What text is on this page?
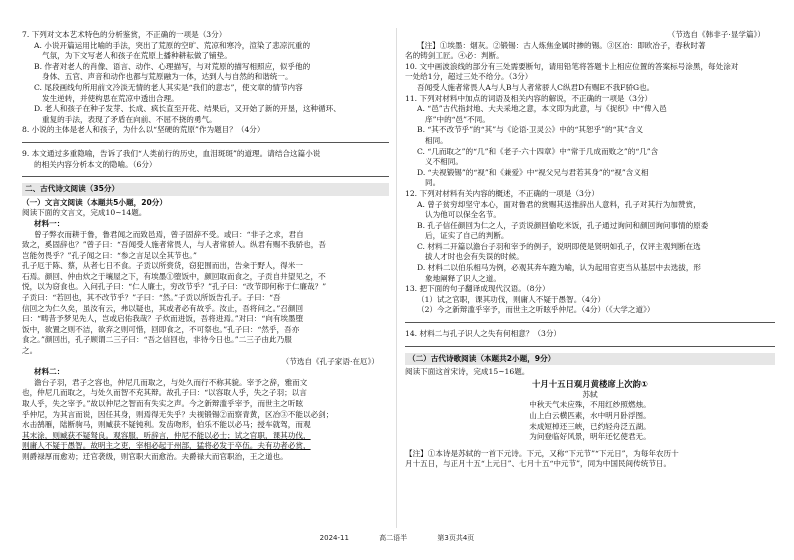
7. 下列对文本艺术特色的分析鉴赏，不正确的一项是（3分）
A. 小说开篇运用比喻的手法，突出了荒原的空旷、荒凉和寒冷，渲染了悲凉沉重的
气氛，为下文写老人和孩子在荒原上播种耕耘做了铺垫。
B. 作者对老人的肖像、语言、动作、心理描写，与对荒原的描写相照应，似乎他的
身体、五官、声音和动作也都与荒原融为一体，达到人与自然的和谐统一。
C. 尾段画线句所用前文冷淡无情的老人其实是“我们的意志”，使文章的情节内容
发生逆转，并使构思在荒凉中透出合理。
D. 老人和孩子在种子发芽、长成、疯长直至开花、结果后，又开始了新的开垦，这种循环、
重复的手法，表现了矛盾在向前、不屈不挠的勇气。
8. 小说的主体是老人和孩子，为什么以“坚硬的荒原”作为题目？（4分）
9. 本文通过多重隐喻，告诉了我们“人类前行的历史，血泪斑斑”的道理。请结合这篇小说
的相关内容分析本文的隐喻。（6分）
二、古代诗文阅读（35分）
（一）文言文阅读（本题共5小题，20分）
阅读下面的文言文，完成10~14题。
材料一：
曾子弊衣而耕于鲁，鲁君闻之而致邑焉，曾子固辞不受。或曰：“非子之求，君自
致之，奚固辞也？”曾子曰：“吾闻受人施者常畏人，与人者常骄人。纵君有赐不我骄也，吾
岂能勿畏乎？”孔子闻之曰：“参之言足以全其节也。”
孔子厄于陈、蔡，从者七日不食。子贡以所赍货，窃犯围而出，告籴于野人，得米一
石焉。颜回、仲由炊之于壤屋之下，有埃墨①堕饭中，颜回取而食之，子贡自井望见之，不
悦，以为窃食也。入问孔子曰：“仁人廉士，穷改节乎？”孔子曰：“改节即何称于仁廉哉？”
子贡曰：“若回也，其不改节乎？”子曰：“然。”子贡以所饭告孔子。子曰：“吾
信回之为仁久矣，虽汝有云，弗以疑也，其或者必有故乎。汝止，吾将问之。”召颜回
曰：“畴昔予梦见先人，岂或启佑我哉？子炊而进饭，吾将进焉。”对曰：“向有埃墨堕
饭中，欲置之则不洁，欲弃之则可惜，回即食之，不可祭也。”孔子曰：“然乎，吾亦
食之。”颜回出，孔子顾谓二三子曰：“吾之信回也，非待今日也。”二三子由此乃服
之。
（节选自《孔子家语·在厄》）
材料二：
澹台子羽，君子之容也，仲尼几而取之，与处久而行不称其貌。宰予之辞，雅而文
也，仲尼几而取之，与处久而智不充其辩。故孔子曰：“以容取人乎，失之子羽；以言
取人乎，失之宰予。”故以仲尼之智而有失实之声。今之新辩滥乎宰予，而世主之听眩
乎仲尼，为其言而说，因任其身，则焉得无失乎？夫视锻锡②而察青黄，区冶③不能以必剑；
水击鹄雁，陆断驹马，则臧获不疑钝利。发齿吻形，伯乐不能以必马；授车就驾，而观
其末涂，则臧获不疑驽良。观容服，听辞言，仲尼不能以必士；试之官职，课其功伐，
则庸人不疑于愚智。故明主之吏，宰相必起于州部，猛将必发于卒伍。夫有功者必赏，
则爵禄厚而愈劝；迁官袭级，则官职大而愈治。夫爵禄大而官职治，王之道也。
（节选自《韩非子·显学篇》）
【注】①埃墨：烟灰。②锻锡：古人炼焦金属时掺的锡。③区冶：即欧冶子，春秋时著
名的铸剑工匠。④必：判断。
10. 文中画波浪线的部分有三处需要断句，请用铅笔将答题卡上相应位置的答案标号涂黑，每处涂对
一处给1分，超过三处不给分。（3分）
吾闻受人施者常畏人A与人B与人者常骄人C纵君D有赐E不我F骄G也。
11. 下列对材料中加点的词语及相关内容的解说，不正确的一项是（3分）
A. “邑”古代指封地、大夫采地之意，本文即为此意，与《捉织》中“俾入邑
庠”中的“邑”不同。
B. “其不改节乎”的“其”与《论语·卫灵公》中的“其恕乎”的“其”含义
相同。
C. “几而取之”的“几”和《老子·六十四章》中“常于几成而败之”的“几”含
义不相同。
D. “夫视锻锡”的“视”和《兼爱》中“视父兄与君若其身”的“视”含义相
同。
12. 下列对材料有关内容的概述，不正确的一项是（3分）
A. 曾子贫穷却坚守本心，面对鲁君的赏赐其送推辞出人意料，孔子对其行为加赞赏，
认为他可以保全名节。
B. 孔子信任颜回为仁之人，子贡说颜回偷吃米饭，孔子通过询问和颜回询问事情的原委
后，证实了自己的判断。
C. 材料二开篇以澹台子羽和宰予的例子，说明即使是贤明如孔子，仅评主观判断在选
拔人才时也会有失误的时候。
D. 材料二以伯乐相马为例，必观其奔车跑为喻，认为起用官吏当从基层中去选拔，形
象地阐释了识人之道。
13. 把下面的句子翻译成现代汉语。（8分）
（1）试之官职，课其功伐，则庸人不疑于愚智。（4分）
（2）今之新辩滥乎宰予，而世主之听眩乎仲尼。（4分）（《大学之道》）
14. 材料二与孔子识人之失有何相意？（3分）
（二）古代诗歌阅读（本题共2小题，9分）
阅读下面这首宋诗，完成15~16题。
十月十五日观月黄楼席上次韵①
苏轼
中秋天气未应殊，不用红纱照燃烛。
山上白云横匹素，水中明月卧浮图。
未成短棹还三峡，已约轻舟泛五湖。
为问登临好风景，明年还忆使君无。
【注】①本诗是苏轼的一首下元诗。下元，又称“下元节”“下元日”，为每年农历十
月十五日，与正月十五“上元日”、七月十五“中元节”，同为中国民间传统节日。
2024-11	高二语半	第3页共4页
